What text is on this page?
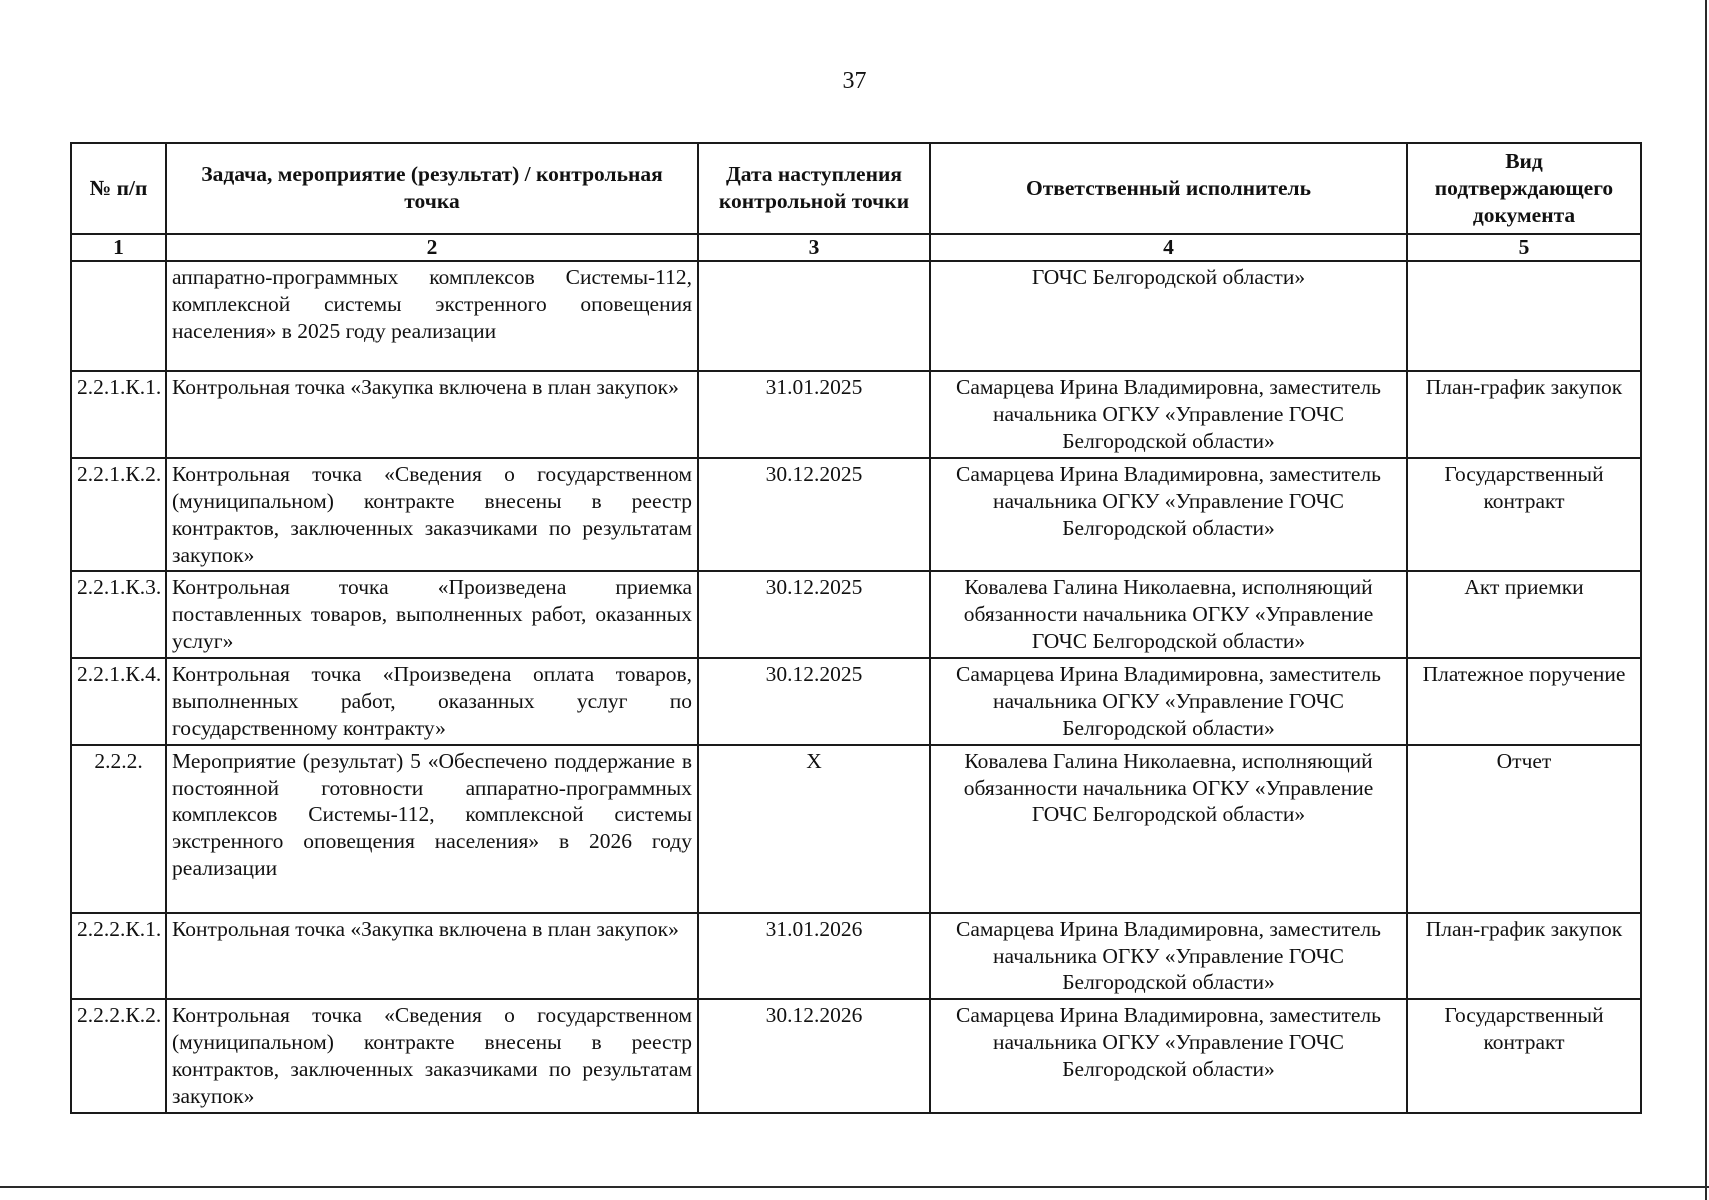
37
№ п/п	Задача, мероприятие (результат) / контрольная точка	Дата наступления контрольной точки	Ответственный исполнитель	Вид подтверждающего документа
1	2	3	4	5
	аппаратно-программных комплексов Системы-112, комплексной системы экстренного оповещения населения» в 2025 году реализации		ГОЧС Белгородской области»	
2.2.1.К.1.	Контрольная точка «Закупка включена в план закупок»	31.01.2025	Самарцева Ирина Владимировна, заместитель начальника ОГКУ «Управление ГОЧС Белгородской области»	План-график закупок
2.2.1.К.2.	Контрольная точка «Сведения о государственном (муниципальном) контракте внесены в реестр контрактов, заключенных заказчиками по результатам закупок»	30.12.2025	Самарцева Ирина Владимировна, заместитель начальника ОГКУ «Управление ГОЧС Белгородской области»	Государственный контракт
2.2.1.К.3.	Контрольная точка «Произведена приемка поставленных товаров, выполненных работ, оказанных услуг»	30.12.2025	Ковалева Галина Николаевна, исполняющий обязанности начальника ОГКУ «Управление ГОЧС Белгородской области»	Акт приемки
2.2.1.К.4.	Контрольная точка «Произведена оплата товаров, выполненных работ, оказанных услуг по государственному контракту»	30.12.2025	Самарцева Ирина Владимировна, заместитель начальника ОГКУ «Управление ГОЧС Белгородской области»	Платежное поручение
2.2.2.	Мероприятие (результат) 5 «Обеспечено поддержание в постоянной готовности аппаратно-программных комплексов Системы-112, комплексной системы экстренного оповещения населения» в 2026 году реализации	Х	Ковалева Галина Николаевна, исполняющий обязанности начальника ОГКУ «Управление ГОЧС Белгородской области»	Отчет
2.2.2.К.1.	Контрольная точка «Закупка включена в план закупок»	31.01.2026	Самарцева Ирина Владимировна, заместитель начальника ОГКУ «Управление ГОЧС Белгородской области»	План-график закупок
2.2.2.К.2.	Контрольная точка «Сведения о государственном (муниципальном) контракте внесены в реестр контрактов, заключенных заказчиками по результатам закупок»	30.12.2026	Самарцева Ирина Владимировна, заместитель начальника ОГКУ «Управление ГОЧС Белгородской области»	Государственный контракт
